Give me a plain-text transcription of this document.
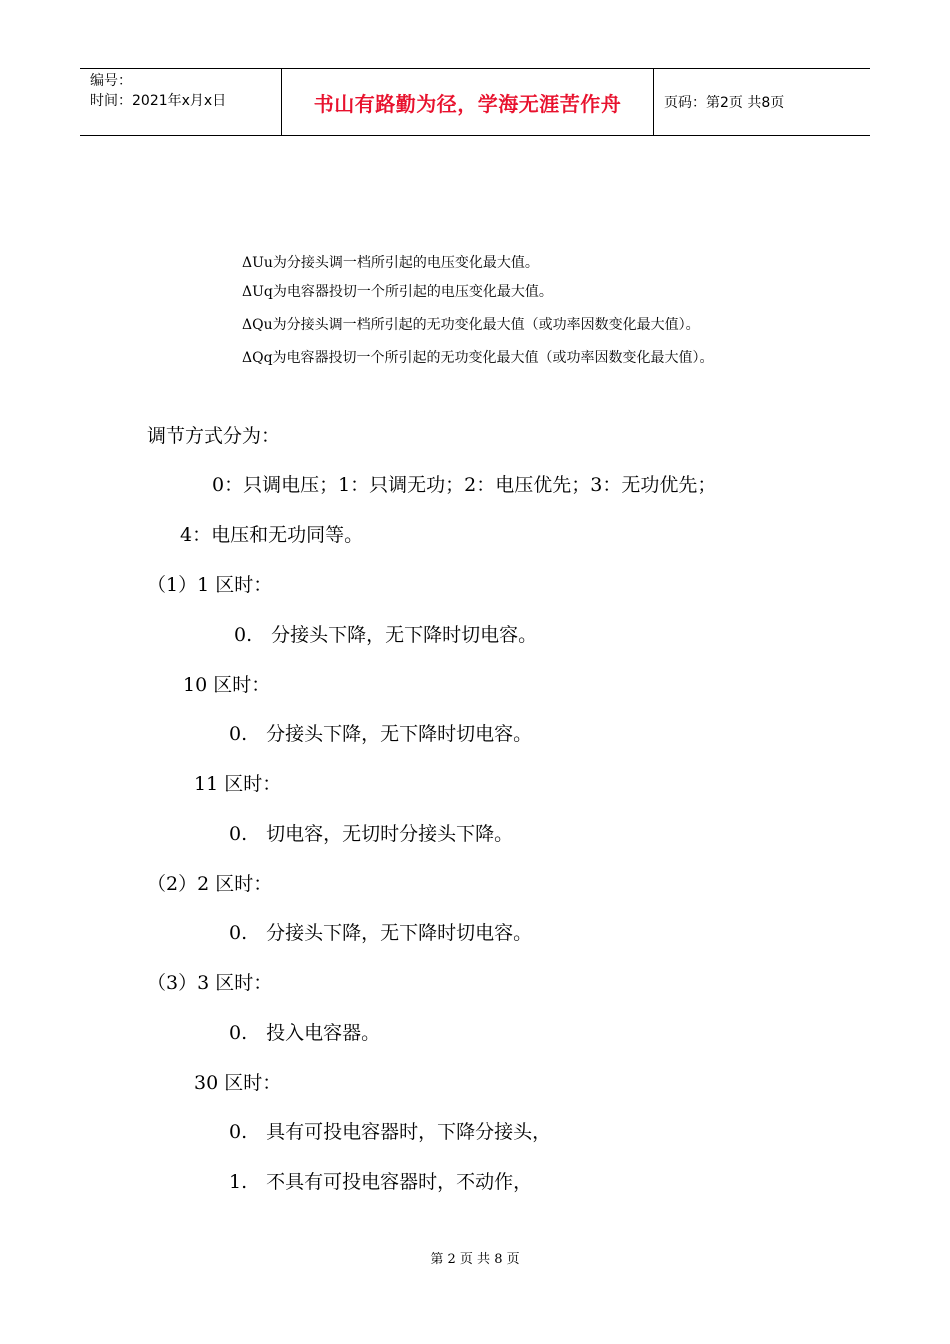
编号：
时间：2021年x月x日	书山有路勤为径，学海无涯苦作舟	页码：第2页 共8页
ΔUu为分接头调一档所引起的电压变化最大值。
ΔUq为电容器投切一个所引起的电压变化最大值。
ΔQu为分接头调一档所引起的无功变化最大值（或功率因数变化最大值）。
ΔQq为电容器投切一个所引起的无功变化最大值（或功率因数变化最大值）。
调节方式分为：
0：只调电压；1：只调无功；2：电压优先；3：无功优先；
4：电压和无功同等。
（1）1 区时：
0.　分接头下降，无下降时切电容。
10 区时：
0.　分接头下降，无下降时切电容。
11 区时：
0.　切电容，无切时分接头下降。
（2）2 区时：
0.　分接头下降，无下降时切电容。
（3）3 区时：
0.　投入电容器。
30 区时：
0.　具有可投电容器时，下降分接头，
1.　不具有可投电容器时，不动作，
第 2 页 共 8 页
